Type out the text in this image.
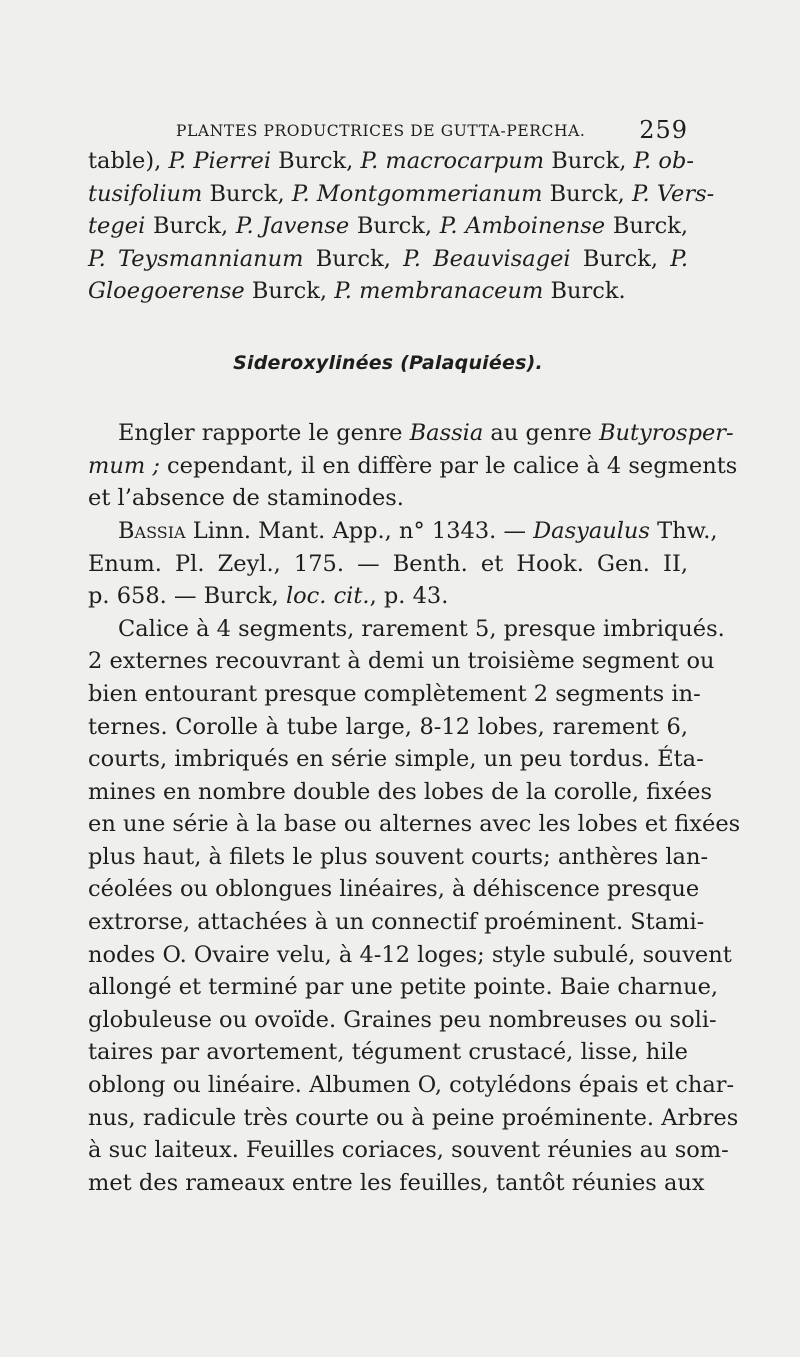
PLANTES PRODUCTRICES DE GUTTA-PERCHA. 259
table), P. Pierrei Burck, P. macrocarpum Burck, P. ob-
tusifolium Burck, P. Montgommerianum Burck, P. Vers-
tegei Burck, P. Javense Burck, P. Amboinense Burck,
P. Teysmannianum Burck, P. Beauvisagei Burck, P.
Gloegoerense Burck, P. membranaceum Burck.
Sideroxylinées (Palaquiées).
Engler rapporte le genre Bassia au genre Butyrosper-
mum ; cependant, il en diffère par le calice à 4 segments
et l’absence de staminodes.
Bassia Linn. Mant. App., n° 1343. — Dasyaulus Thw.,
Enum. Pl. Zeyl., 175. — Benth. et Hook. Gen. II,
p. 658. — Burck, loc. cit., p. 43.
Calice à 4 segments, rarement 5, presque imbriqués.
2 externes recouvrant à demi un troisième segment ou
bien entourant presque complètement 2 segments in-
ternes. Corolle à tube large, 8-12 lobes, rarement 6,
courts, imbriqués en série simple, un peu tordus. Éta-
mines en nombre double des lobes de la corolle, fixées
en une série à la base ou alternes avec les lobes et fixées
plus haut, à filets le plus souvent courts; anthères lan-
céolées ou oblongues linéaires, à déhiscence presque
extrorse, attachées à un connectif proéminent. Stami-
nodes O. Ovaire velu, à 4-12 loges; style subulé, souvent
allongé et terminé par une petite pointe. Baie charnue,
globuleuse ou ovoïde. Graines peu nombreuses ou soli-
taires par avortement, tégument crustacé, lisse, hile
oblong ou linéaire. Albumen O, cotylédons épais et char-
nus, radicule très courte ou à peine proéminente. Arbres
à suc laiteux. Feuilles coriaces, souvent réunies au som-
met des rameaux entre les feuilles, tantôt réunies aux
